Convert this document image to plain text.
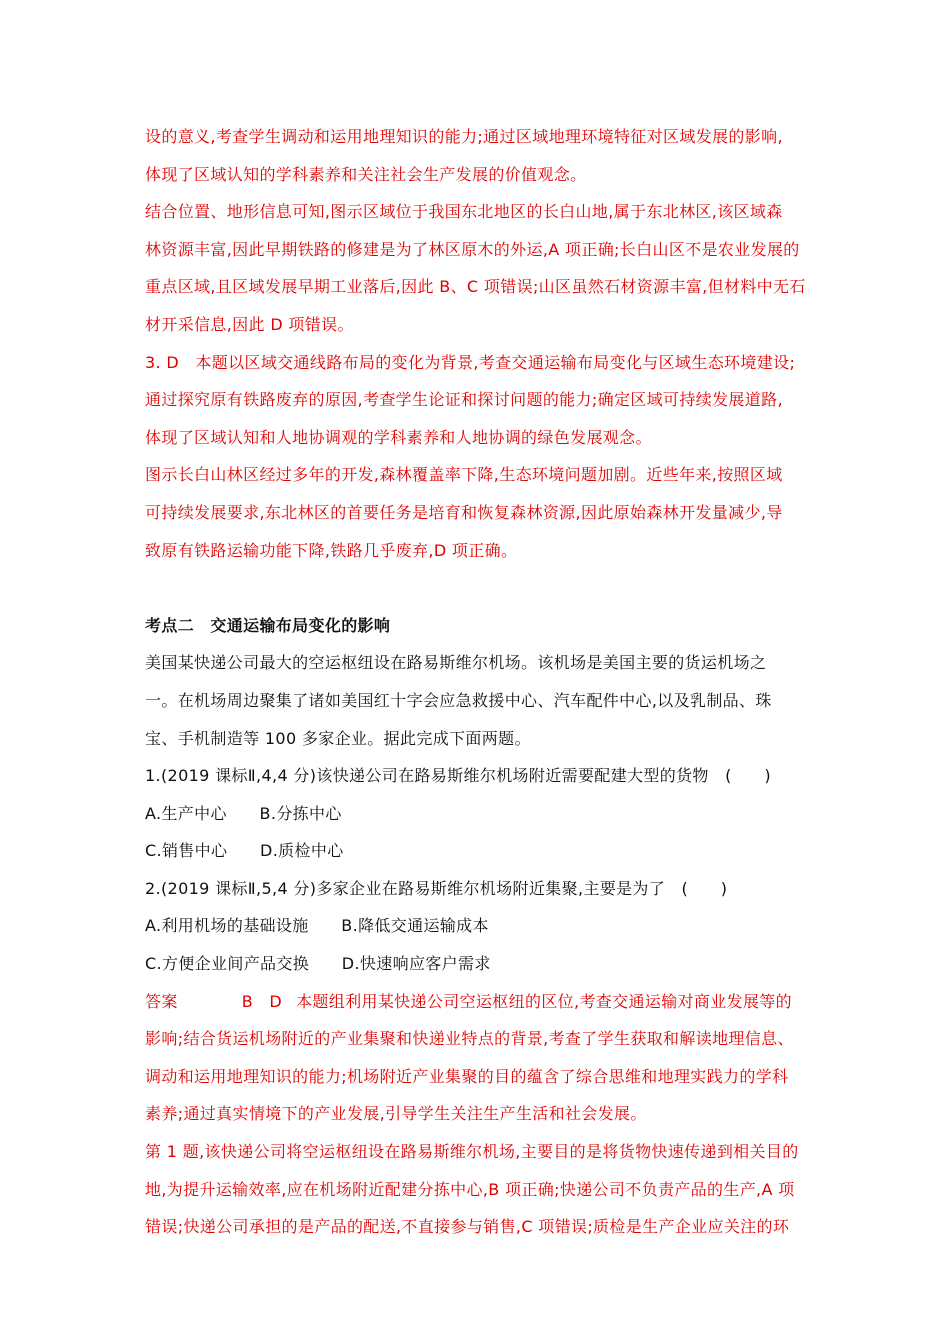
设的意义,考查学生调动和运用地理知识的能力;通过区域地理环境特征对区域发展的影响,
体现了区域认知的学科素养和关注社会生产发展的价值观念。
结合位置、地形信息可知,图示区域位于我国东北地区的长白山地,属于东北林区,该区域森
林资源丰富,因此早期铁路的修建是为了林区原木的外运,A 项正确;长白山区不是农业发展的
重点区域,且区域发展早期工业落后,因此 B、C 项错误;山区虽然石材资源丰富,但材料中无石
材开采信息,因此 D 项错误。
3. D　本题以区域交通线路布局的变化为背景,考查交通运输布局变化与区域生态环境建设;
通过探究原有铁路废弃的原因,考查学生论证和探讨问题的能力;确定区域可持续发展道路,
体现了区域认知和人地协调观的学科素养和人地协调的绿色发展观念。
图示长白山林区经过多年的开发,森林覆盖率下降,生态环境问题加剧。近些年来,按照区域
可持续发展要求,东北林区的首要任务是培育和恢复森林资源,因此原始森林开发量减少,导
致原有铁路运输功能下降,铁路几乎废弃,D 项正确。
考点二　交通运输布局变化的影响
美国某快递公司最大的空运枢纽设在路易斯维尔机场。该机场是美国主要的货运机场之
一。在机场周边聚集了诸如美国红十字会应急救援中心、汽车配件中心,以及乳制品、珠
宝、手机制造等 100 多家企业。据此完成下面两题。
1.(2019 课标Ⅱ,4,4 分)该快递公司在路易斯维尔机场附近需要配建大型的货物　(　　)
A.生产中心　　B.分拣中心
C.销售中心　　D.质检中心
2.(2019 课标Ⅱ,5,4 分)多家企业在路易斯维尔机场附近集聚,主要是为了　(　　)
A.利用机场的基础设施　　B.降低交通运输成本
C.方便企业间产品交换　　D.快速响应客户需求
答案	B　D 本题组利用某快递公司空运枢纽的区位,考查交通运输对商业发展等的
影响;结合货运机场附近的产业集聚和快递业特点的背景,考查了学生获取和解读地理信息、
调动和运用地理知识的能力;机场附近产业集聚的目的蕴含了综合思维和地理实践力的学科
素养;通过真实情境下的产业发展,引导学生关注生产生活和社会发展。
第 1 题,该快递公司将空运枢纽设在路易斯维尔机场,主要目的是将货物快速传递到相关目的
地,为提升运输效率,应在机场附近配建分拣中心,B 项正确;快递公司不负责产品的生产,A 项
错误;快递公司承担的是产品的配送,不直接参与销售,C 项错误;质检是生产企业应关注的环
